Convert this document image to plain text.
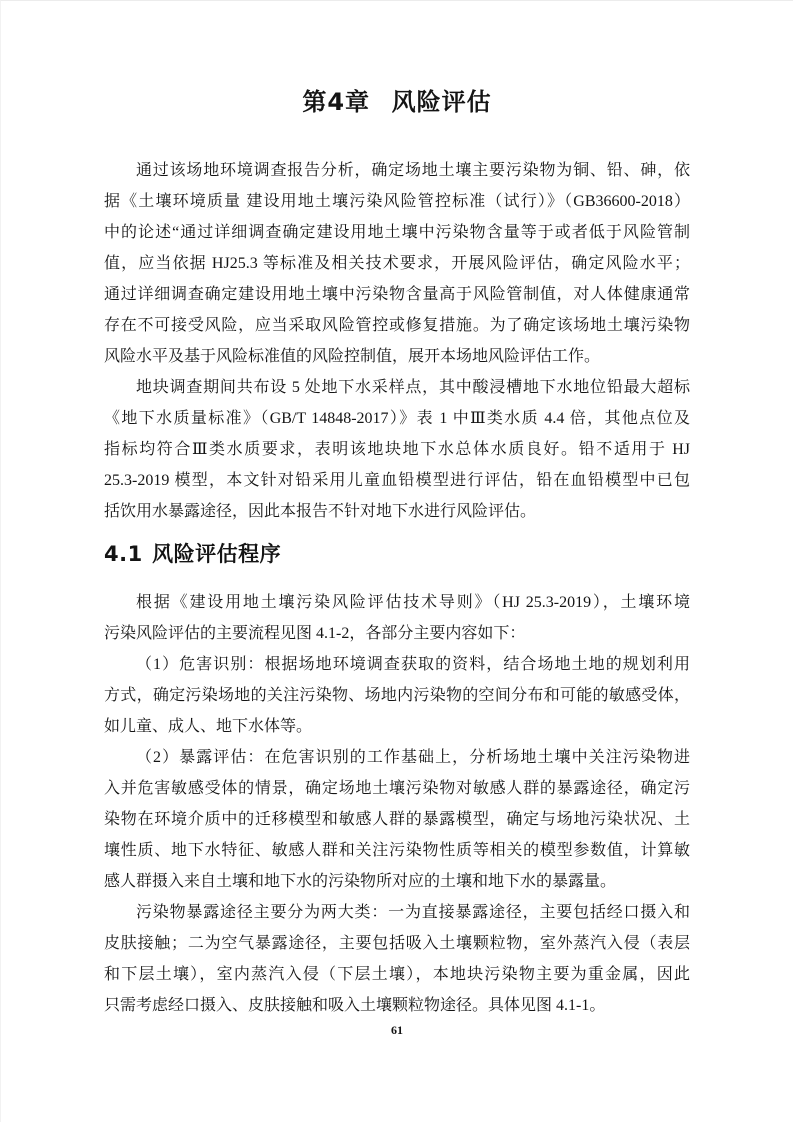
第4章 风险评估
通过该场地环境调查报告分析，确定场地土壤主要污染物为铜、铅、砷，依
据《土壤环境质量 建设用地土壤污染风险管控标准（试行）》（GB36600-2018）
中的论述“通过详细调查确定建设用地土壤中污染物含量等于或者低于风险管制
值，应当依据 HJ25.3 等标准及相关技术要求，开展风险评估，确定风险水平；
通过详细调查确定建设用地土壤中污染物含量高于风险管制值，对人体健康通常
存在不可接受风险，应当采取风险管控或修复措施。为了确定该场地土壤污染物
风险水平及基于风险标准值的风险控制值，展开本场地风险评估工作。
地块调查期间共布设 5 处地下水采样点，其中酸浸槽地下水地位铅最大超标
《地下水质量标准》（GB/T 14848-2017）》表 1 中Ⅲ类水质 4.4 倍，其他点位及
指标均符合Ⅲ类水质要求，表明该地块地下水总体水质良好。铅不适用于 HJ
25.3-2019 模型，本文针对铅采用儿童血铅模型进行评估，铅在血铅模型中已包
括饮用水暴露途径，因此本报告不针对地下水进行风险评估。
4.1 风险评估程序
根据《建设用地土壤污染风险评估技术导则》（HJ 25.3-2019），土壤环境
污染风险评估的主要流程见图 4.1-2，各部分主要内容如下：
（1）危害识别：根据场地环境调查获取的资料，结合场地土地的规划利用
方式，确定污染场地的关注污染物、场地内污染物的空间分布和可能的敏感受体，
如儿童、成人、地下水体等。
（2）暴露评估：在危害识别的工作基础上，分析场地土壤中关注污染物进
入并危害敏感受体的情景，确定场地土壤污染物对敏感人群的暴露途径，确定污
染物在环境介质中的迁移模型和敏感人群的暴露模型，确定与场地污染状况、土
壤性质、地下水特征、敏感人群和关注污染物性质等相关的模型参数值，计算敏
感人群摄入来自土壤和地下水的污染物所对应的土壤和地下水的暴露量。
污染物暴露途径主要分为两大类：一为直接暴露途径，主要包括经口摄入和
皮肤接触；二为空气暴露途径，主要包括吸入土壤颗粒物，室外蒸汽入侵（表层
和下层土壤），室内蒸汽入侵（下层土壤），本地块污染物主要为重金属，因此
只需考虑经口摄入、皮肤接触和吸入土壤颗粒物途径。具体见图 4.1-1。
61
